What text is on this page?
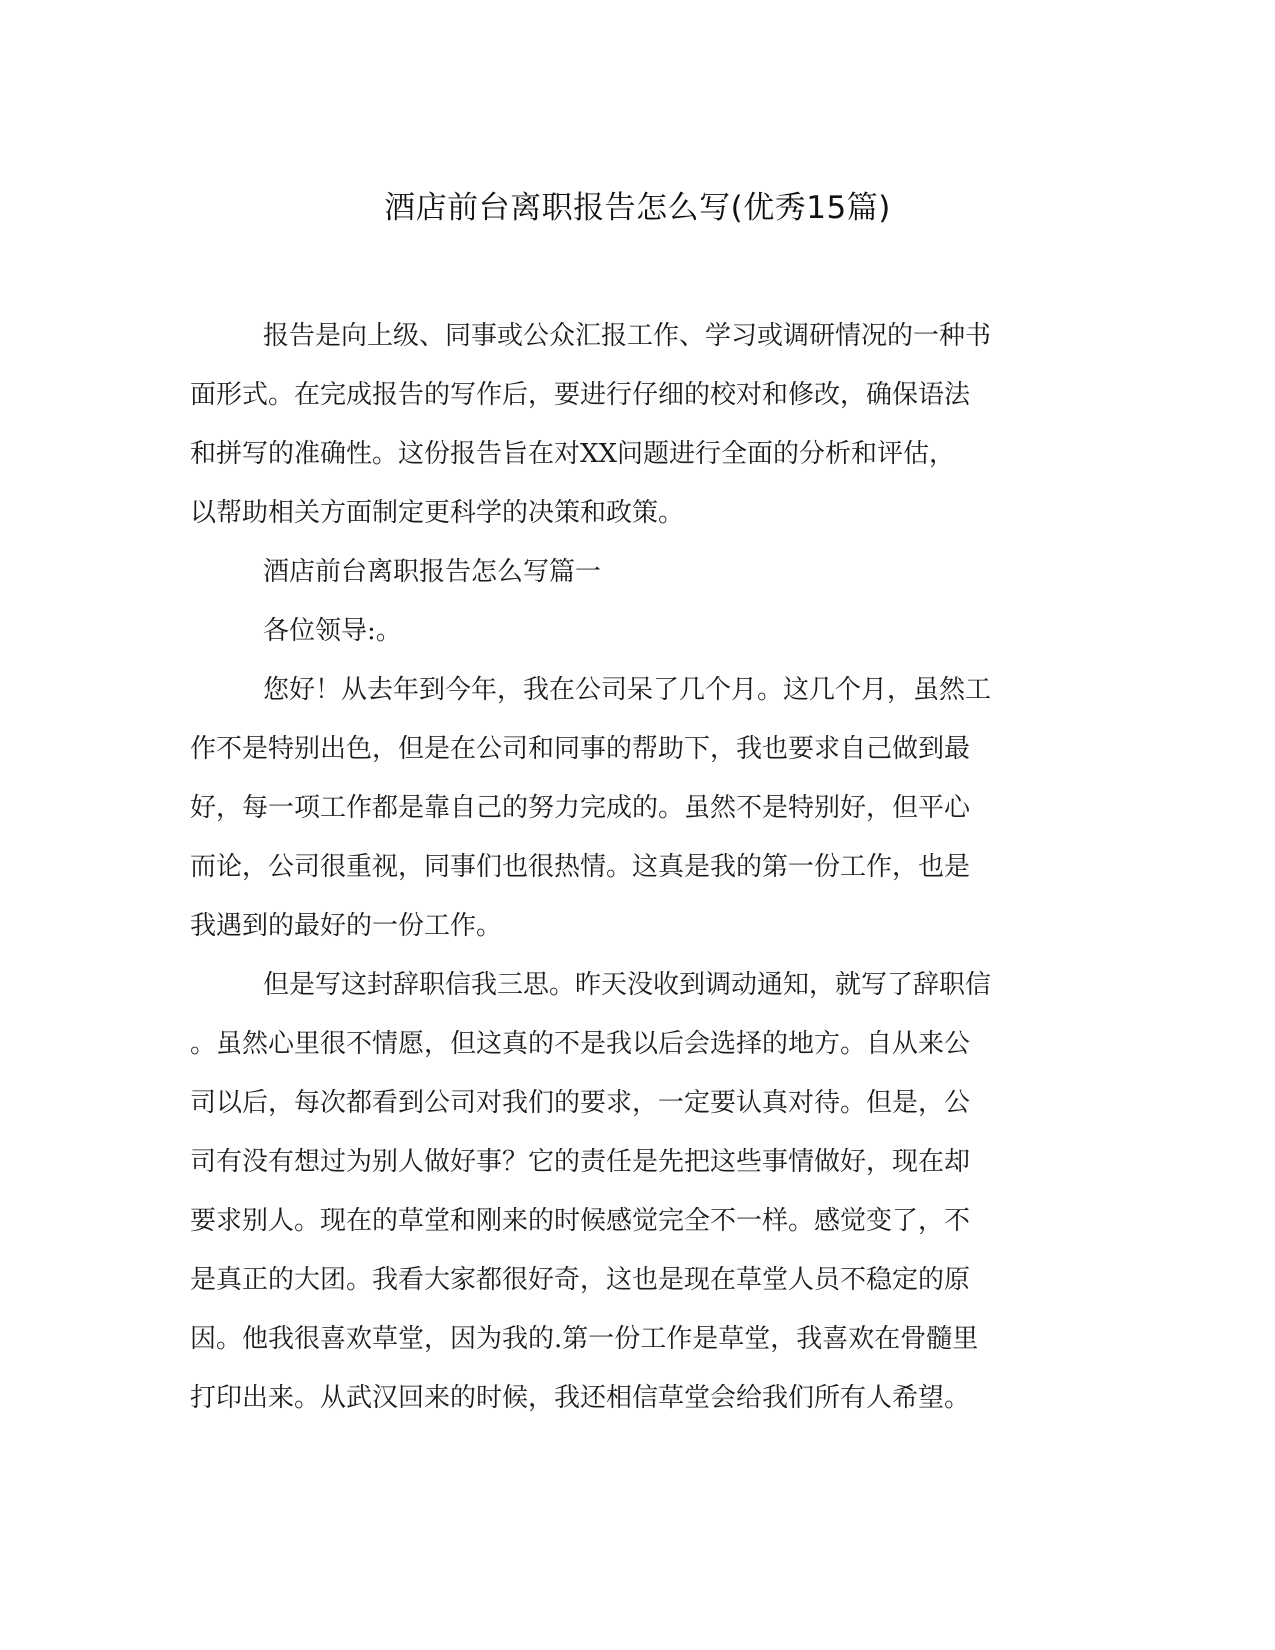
酒店前台离职报告怎么写(优秀15篇)

报告是向上级、同事或公众汇报工作、学习或调研情况的一种书

面形式。在完成报告的写作后，要进行仔细的校对和修改，确保语法

和拼写的准确性。这份报告旨在对XX问题进行全面的分析和评估，

以帮助相关方面制定更科学的决策和政策。

酒店前台离职报告怎么写篇一

各位领导:。

您好！从去年到今年，我在公司呆了几个月。这几个月，虽然工

作不是特别出色，但是在公司和同事的帮助下，我也要求自己做到最

好，每一项工作都是靠自己的努力完成的。虽然不是特别好，但平心

而论，公司很重视，同事们也很热情。这真是我的第一份工作，也是

我遇到的最好的一份工作。

但是写这封辞职信我三思。昨天没收到调动通知，就写了辞职信

。虽然心里很不情愿，但这真的不是我以后会选择的地方。自从来公

司以后，每次都看到公司对我们的要求，一定要认真对待。但是，公

司有没有想过为别人做好事？它的责任是先把这些事情做好，现在却

要求别人。现在的草堂和刚来的时候感觉完全不一样。感觉变了，不

是真正的大团。我看大家都很好奇，这也是现在草堂人员不稳定的原

因。他我很喜欢草堂，因为我的.第一份工作是草堂，我喜欢在骨髓里

打印出来。从武汉回来的时候，我还相信草堂会给我们所有人希望。
